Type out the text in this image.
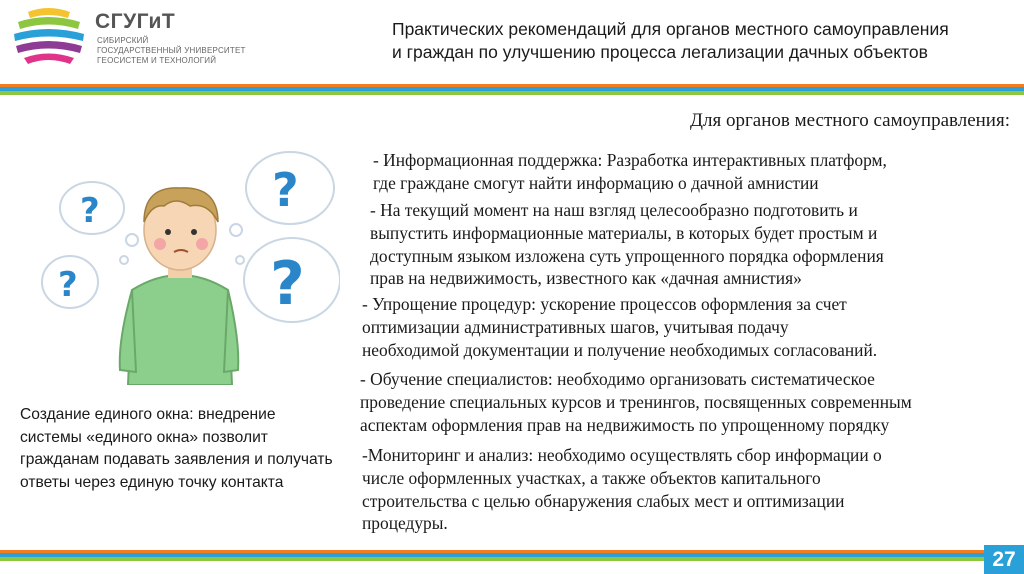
СГУГиТ
СИБИРСКИЙ
ГОСУДАРСТВЕННЫЙ УНИВЕРСИТЕТ
ГЕОСИСТЕМ И ТЕХНОЛОГИЙ
Практических рекомендаций для органов местного самоуправления
и граждан по улучшению процесса легализации дачных объектов
Для органов местного самоуправления:
- Информационная поддержка: Разработка интерактивных платформ,
где граждане смогут найти информацию о дачной амнистии
- На текущий момент на наш взгляд целесообразно подготовить и
выпустить информационные материалы, в которых будет простым и
доступным языком изложена суть упрощенного порядка оформления
прав на недвижимость, известного как «дачная амнистия»
- Упрощение процедур: ускорение процессов оформления за счет
оптимизации административных шагов, учитывая подачу
необходимой документации и получение необходимых согласований.
- Обучение специалистов: необходимо организовать систематическое
проведение специальных курсов и тренингов, посвященных современным
аспектам оформления прав на недвижимость по упрощенному порядку
-Мониторинг и анализ: необходимо осуществлять сбор информации о
числе оформленных участках, а также объектов капитального
строительства с целью обнаружения слабых мест и оптимизации
процедуры.
?
?
?
?
Создание единого окна: внедрение системы «единого окна» позволит гражданам подавать заявления и получать ответы через единую точку контакта
27
